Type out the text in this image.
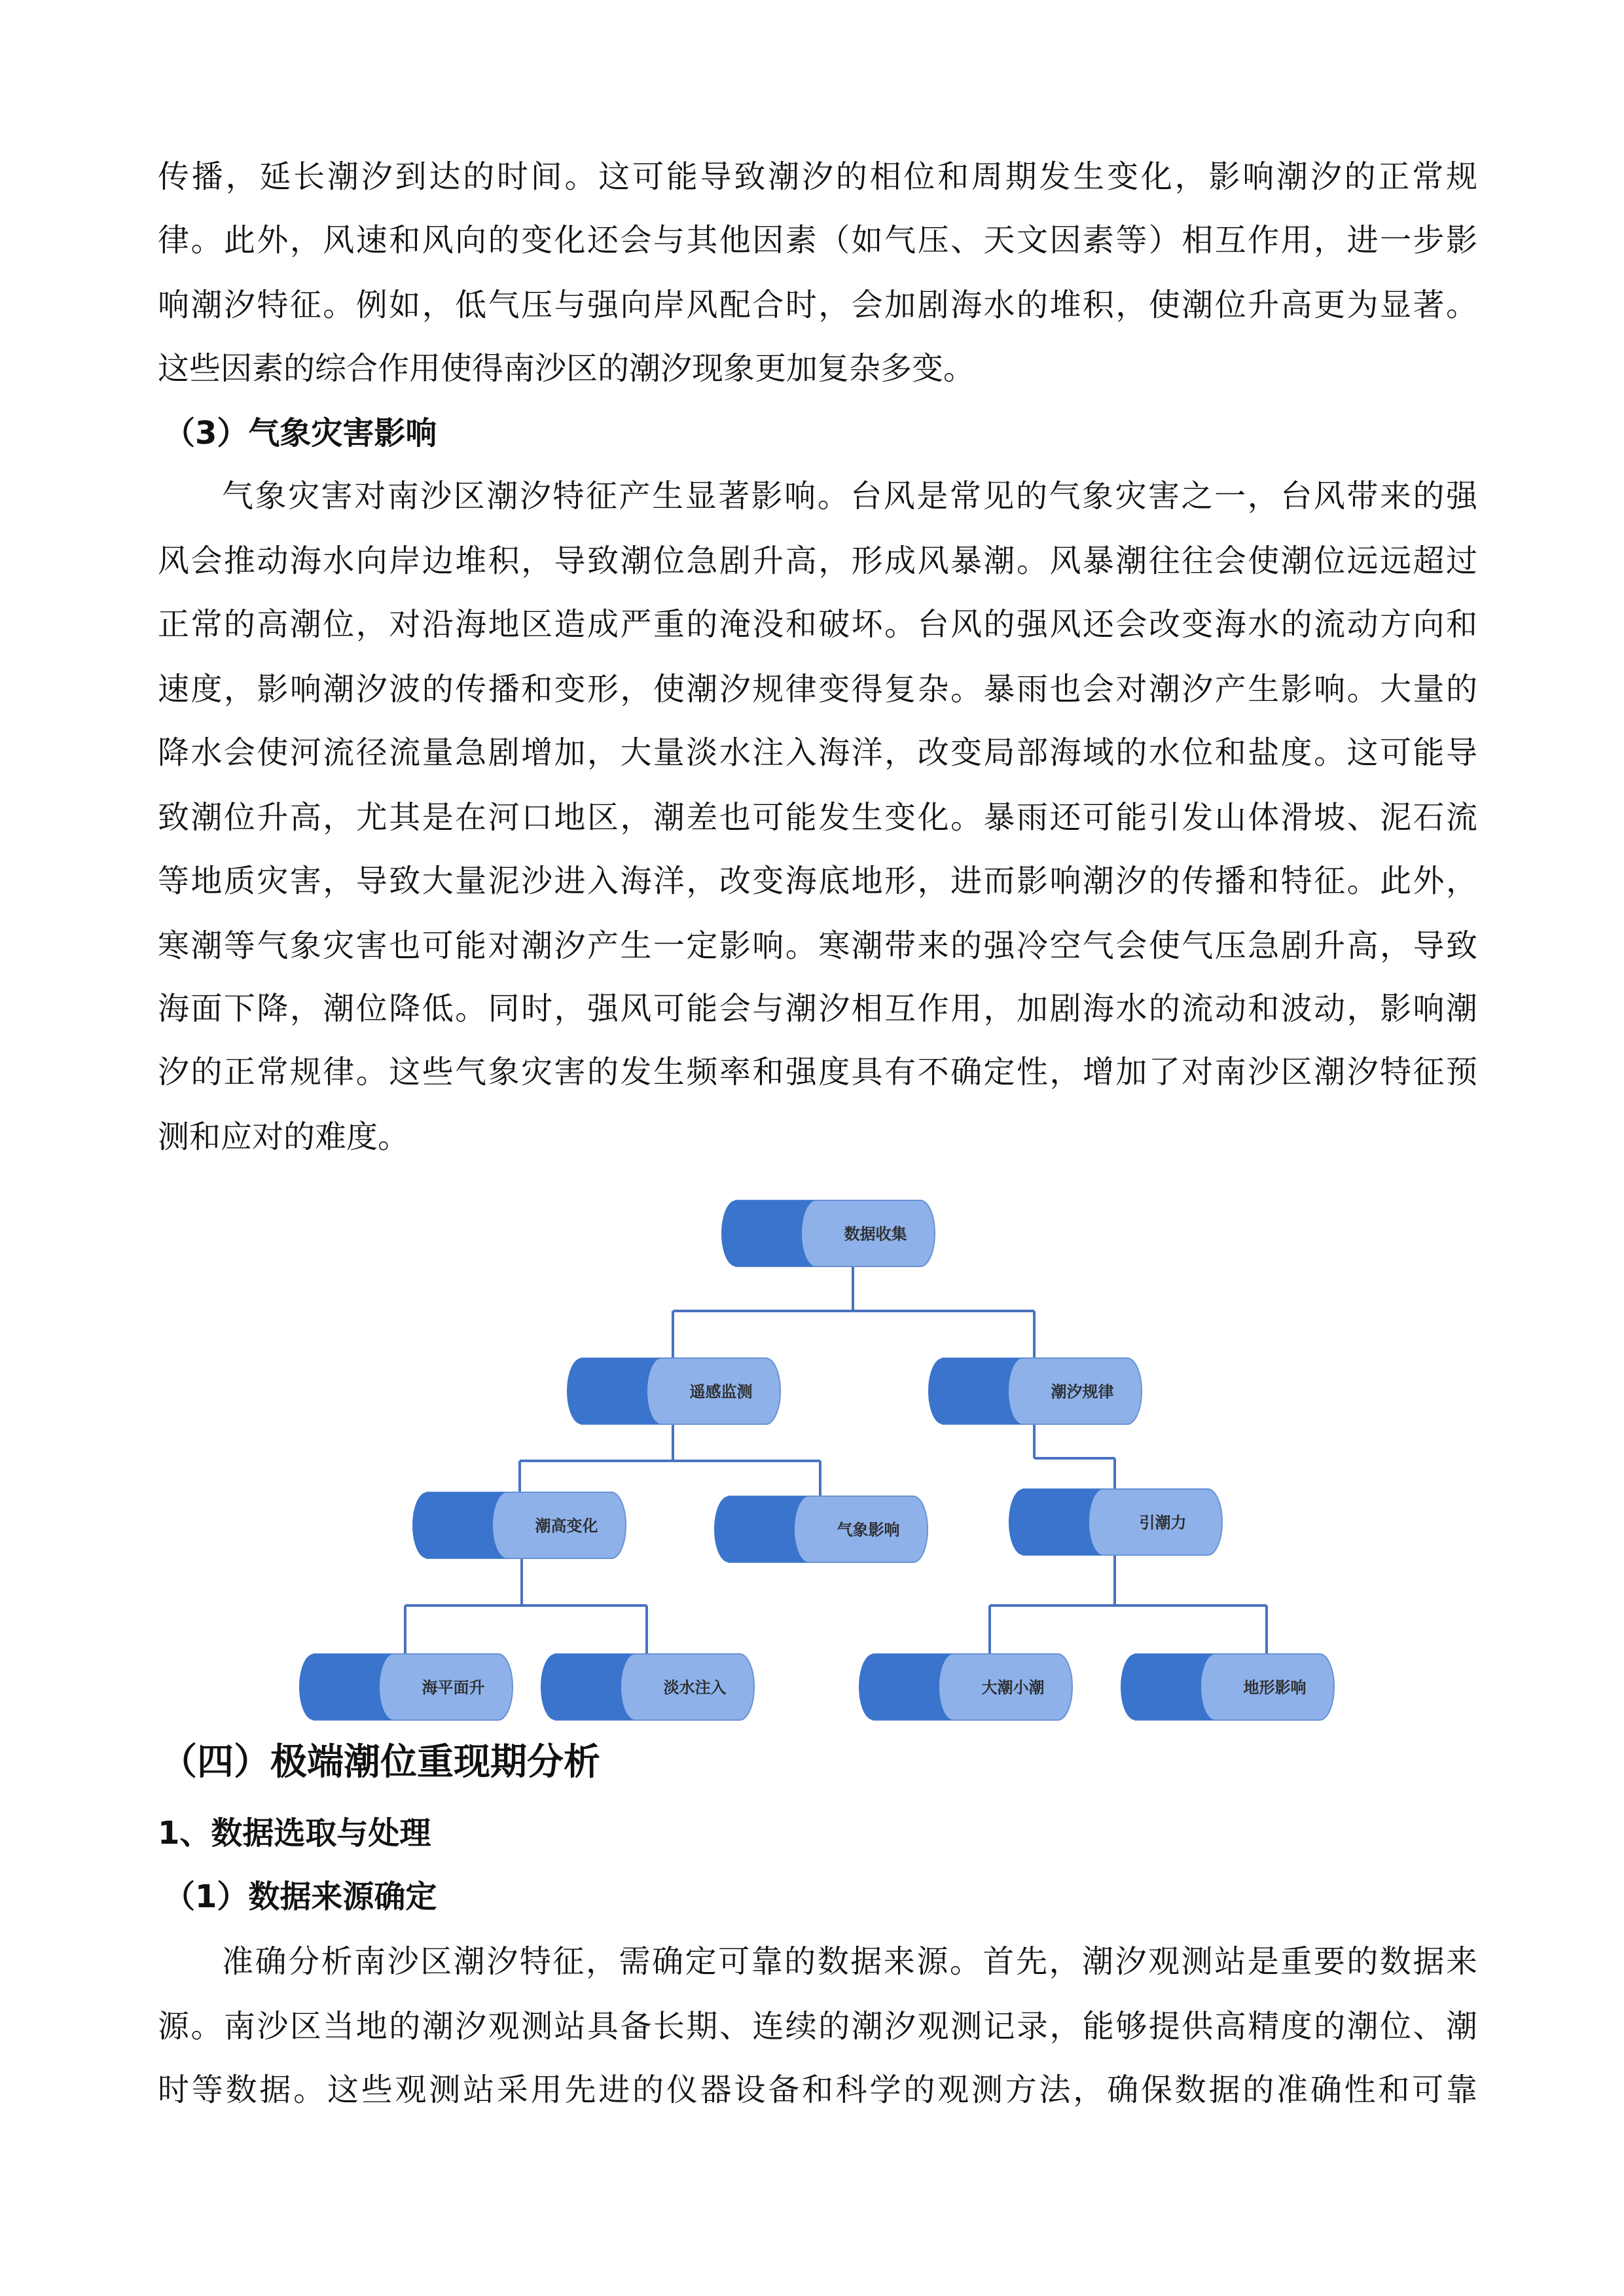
传播，延长潮汐到达的时间。这可能导致潮汐的相位和周期发生变化，影响潮汐的正常规
律。此外，风速和风向的变化还会与其他因素（如气压、天文因素等）相互作用，进一步影
响潮汐特征。例如，低气压与强向岸风配合时，会加剧海水的堆积，使潮位升高更为显著。
这些因素的综合作用使得南沙区的潮汐现象更加复杂多变。
（3）气象灾害影响
气象灾害对南沙区潮汐特征产生显著影响。台风是常见的气象灾害之一，台风带来的强
风会推动海水向岸边堆积，导致潮位急剧升高，形成风暴潮。风暴潮往往会使潮位远远超过
正常的高潮位，对沿海地区造成严重的淹没和破坏。台风的强风还会改变海水的流动方向和
速度，影响潮汐波的传播和变形，使潮汐规律变得复杂。暴雨也会对潮汐产生影响。大量的
降水会使河流径流量急剧增加，大量淡水注入海洋，改变局部海域的水位和盐度。这可能导
致潮位升高，尤其是在河口地区，潮差也可能发生变化。暴雨还可能引发山体滑坡、泥石流
等地质灾害，导致大量泥沙进入海洋，改变海底地形，进而影响潮汐的传播和特征。此外，
寒潮等气象灾害也可能对潮汐产生一定影响。寒潮带来的强冷空气会使气压急剧升高，导致
海面下降，潮位降低。同时，强风可能会与潮汐相互作用，加剧海水的流动和波动，影响潮
汐的正常规律。这些气象灾害的发生频率和强度具有不确定性，增加了对南沙区潮汐特征预
测和应对的难度。
（四）极端潮位重现期分析
1、数据选取与处理
（1）数据来源确定
准确分析南沙区潮汐特征，需确定可靠的数据来源。首先，潮汐观测站是重要的数据来
源。南沙区当地的潮汐观测站具备长期、连续的潮汐观测记录，能够提供高精度的潮位、潮
时等数据。这些观测站采用先进的仪器设备和科学的观测方法，确保数据的准确性和可靠
数据收集
遥感监测	潮汐规律
潮高变化	气象影响	引潮力
海平面升	淡水注入	大潮小潮	地形影响
